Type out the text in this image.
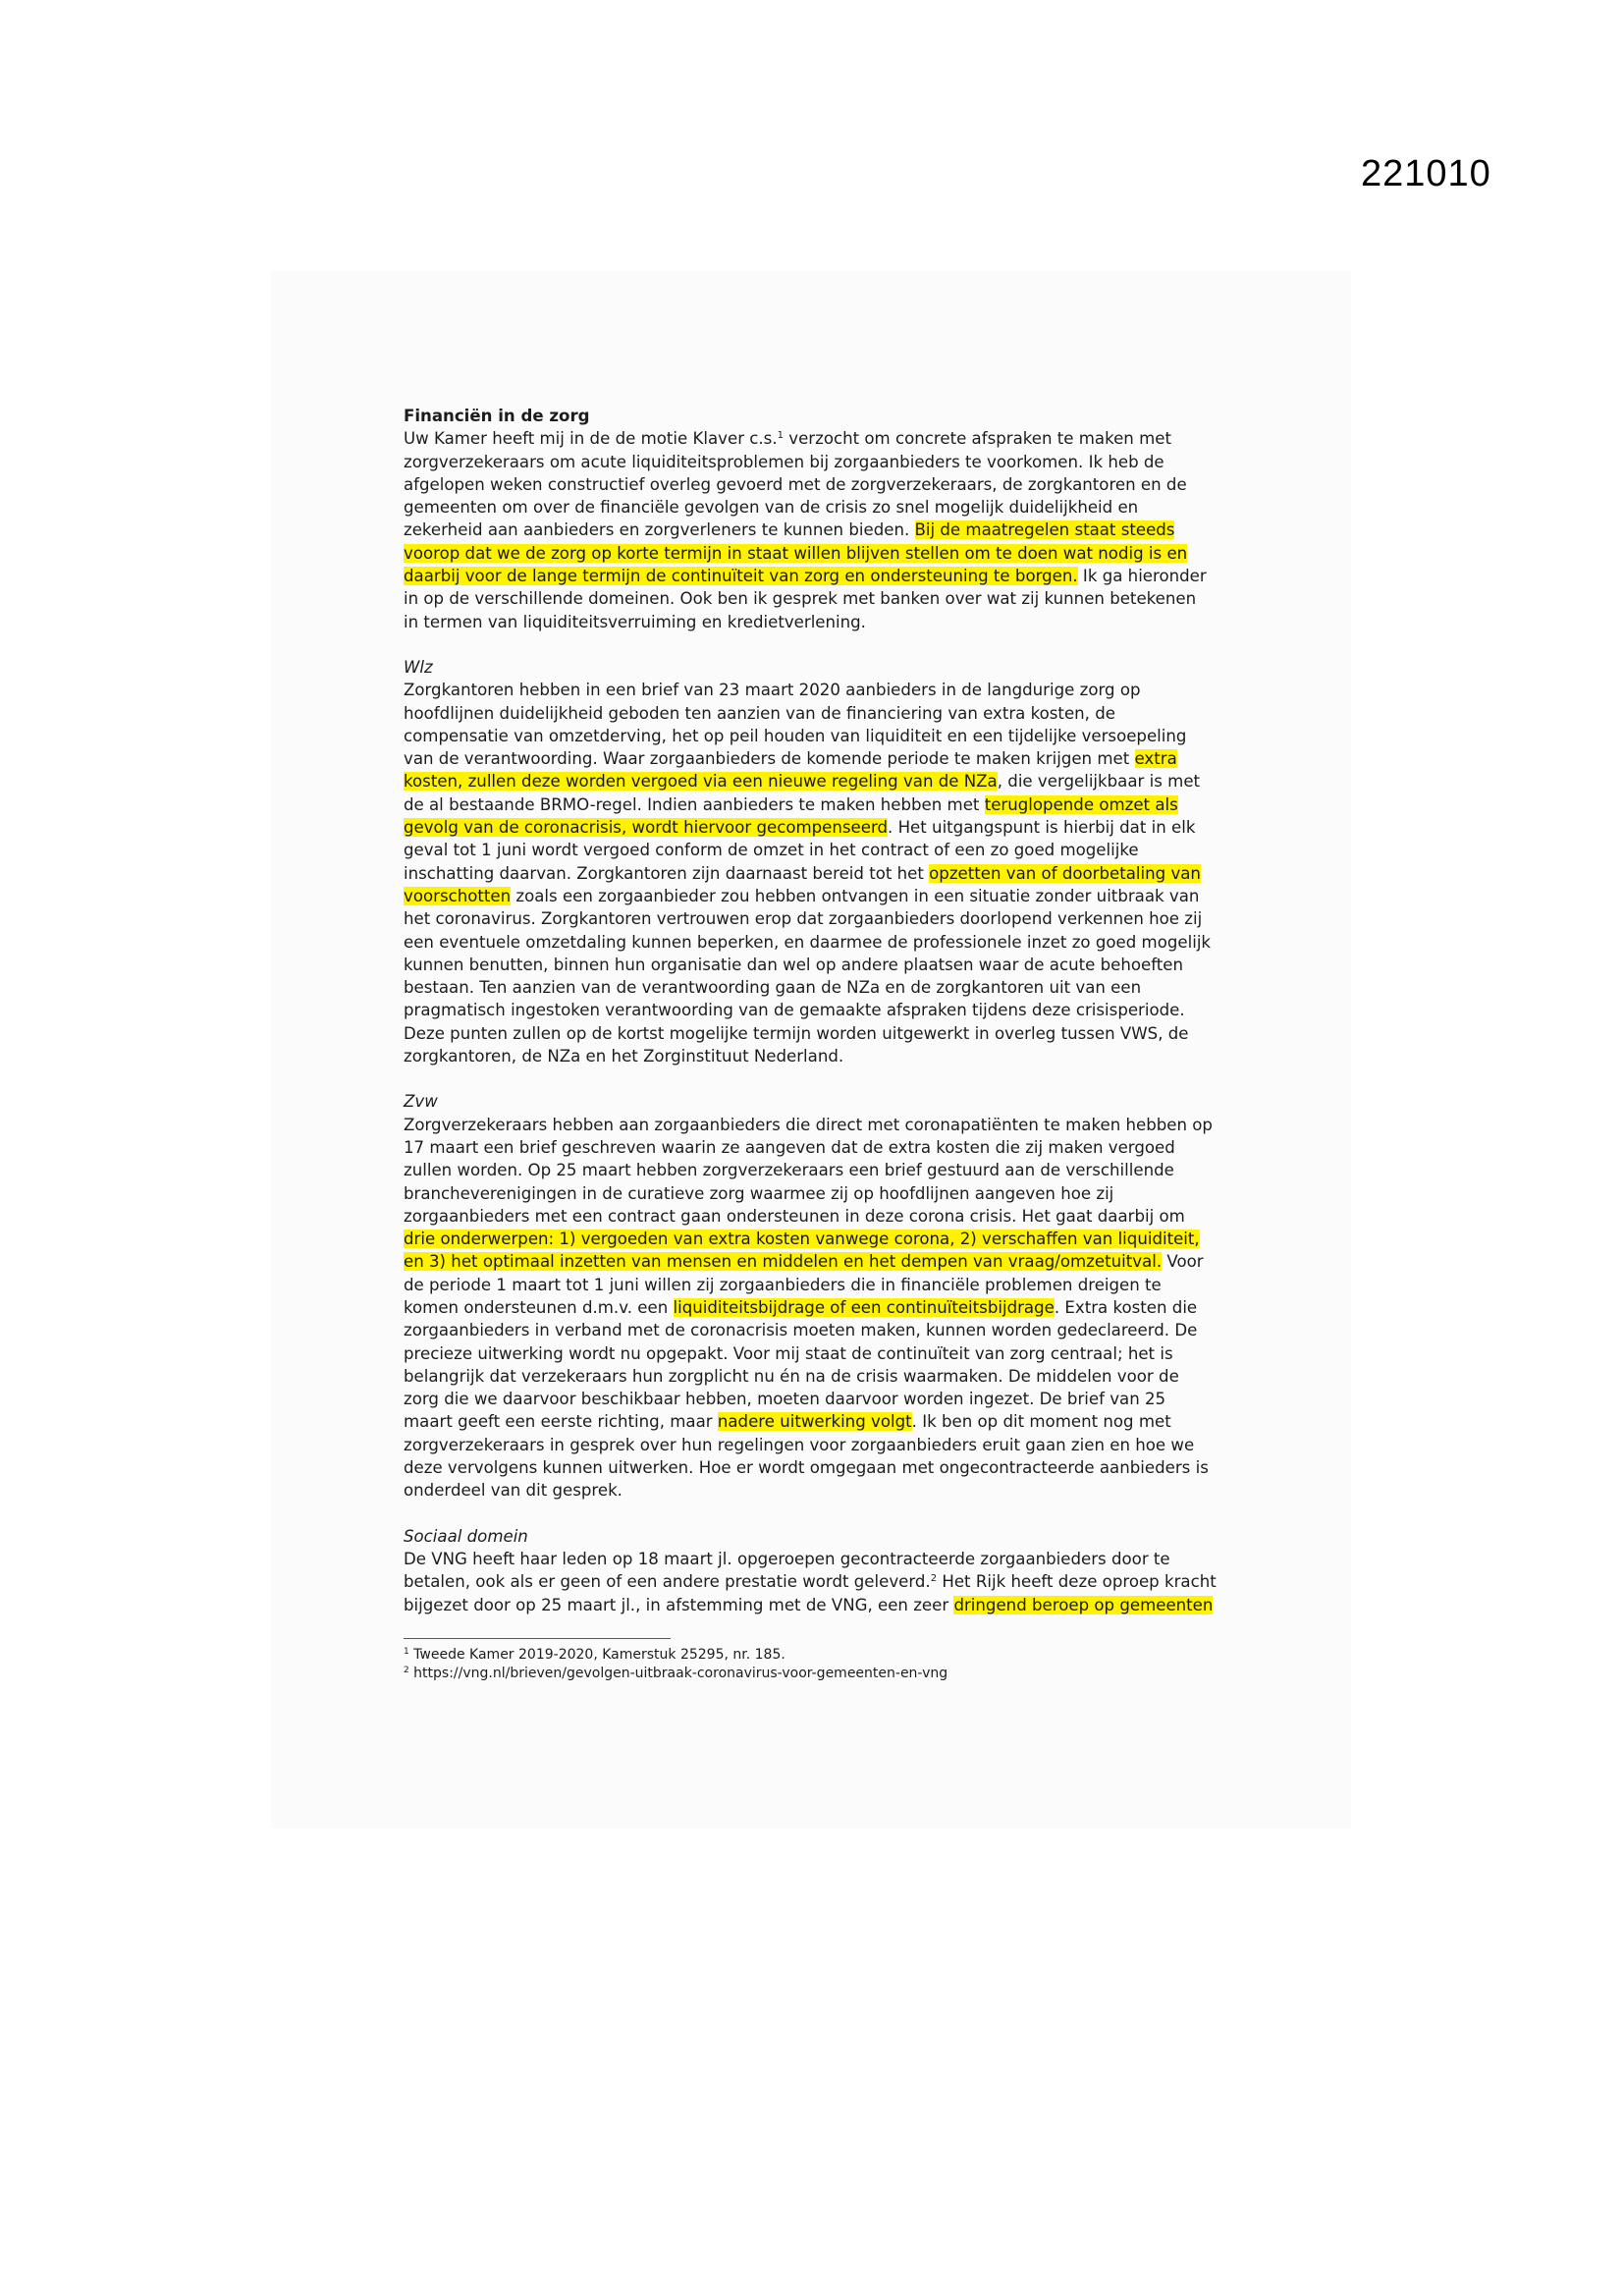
221010

Financiën in de zorg

Uw Kamer heeft mij in de de motie Klaver c.s.$^1$ verzocht om concrete afspraken te maken met
zorgverzekeraars om acute liquiditeitsproblemen bij zorgaanbieders te voorkomen. Ik heb de
afgelopen weken constructief overleg gevoerd met de zorgverzekeraars, de zorgkantoren en de
gemeenten om over de financiële gevolgen van de crisis zo snel mogelijk duidelijkheid en
zekerheid aan aanbieders en zorgverleners te kunnen bieden. Bij de maatregelen staat steeds
voorop dat we de zorg op korte termijn in staat willen blijven stellen om te doen wat nodig is en
daarbij voor de lange termijn de continuïteit van zorg en ondersteuning te borgen. Ik ga hieronder
in op de verschillende domeinen. Ook ben ik gesprek met banken over wat zij kunnen betekenen
in termen van liquiditeitsverruiming en kredietverlening.

Wlz

Zorgkantoren hebben in een brief van 23 maart 2020 aanbieders in de langdurige zorg op
hoofdlijnen duidelijkheid geboden ten aanzien van de financiering van extra kosten, de
compensatie van omzetderving, het op peil houden van liquiditeit en een tijdelijke versoepeling
van de verantwoording. Waar zorgaanbieders de komende periode te maken krijgen met extra
kosten, zullen deze worden vergoed via een nieuwe regeling van de NZa, die vergelijkbaar is met
de al bestaande BRMO-regel. Indien aanbieders te maken hebben met teruglopende omzet als
gevolg van de coronacrisis, wordt hiervoor gecompenseerd. Het uitgangspunt is hierbij dat in elk
geval tot 1 juni wordt vergoed conform de omzet in het contract of een zo goed mogelijke
inschatting daarvan. Zorgkantoren zijn daarnaast bereid tot het opzetten van of doorbetaling van
voorschotten zoals een zorgaanbieder zou hebben ontvangen in een situatie zonder uitbraak van
het coronavirus. Zorgkantoren vertrouwen erop dat zorgaanbieders doorlopend verkennen hoe zij
een eventuele omzetdaling kunnen beperken, en daarmee de professionele inzet zo goed mogelijk
kunnen benutten, binnen hun organisatie dan wel op andere plaatsen waar de acute behoeften
bestaan. Ten aanzien van de verantwoording gaan de NZa en de zorgkantoren uit van een
pragmatisch ingestoken verantwoording van de gemaakte afspraken tijdens deze crisisperiode.
Deze punten zullen op de kortst mogelijke termijn worden uitgewerkt in overleg tussen VWS, de
zorgkantoren, de NZa en het Zorginstituut Nederland.

Zvw

Zorgverzekeraars hebben aan zorgaanbieders die direct met coronapatiënten te maken hebben op
17 maart een brief geschreven waarin ze aangeven dat de extra kosten die zij maken vergoed
zullen worden. Op 25 maart hebben zorgverzekeraars een brief gestuurd aan de verschillende
brancheverenigingen in de curatieve zorg waarmee zij op hoofdlijnen aangeven hoe zij
zorgaanbieders met een contract gaan ondersteunen in deze corona crisis. Het gaat daarbij om
drie onderwerpen: 1) vergoeden van extra kosten vanwege corona, 2) verschaffen van liquiditeit,
en 3) het optimaal inzetten van mensen en middelen en het dempen van vraag/omzetuitval. Voor
de periode 1 maart tot 1 juni willen zij zorgaanbieders die in financiële problemen dreigen te
komen ondersteunen d.m.v. een liquiditeitsbijdrage of een continuïteitsbijdrage. Extra kosten die
zorgaanbieders in verband met de coronacrisis moeten maken, kunnen worden gedeclareerd. De
precieze uitwerking wordt nu opgepakt. Voor mij staat de continuïteit van zorg centraal; het is
belangrijk dat verzekeraars hun zorgplicht nu én na de crisis waarmaken. De middelen voor de
zorg die we daarvoor beschikbaar hebben, moeten daarvoor worden ingezet. De brief van 25
maart geeft een eerste richting, maar nadere uitwerking volgt. Ik ben op dit moment nog met
zorgverzekeraars in gesprek over hun regelingen voor zorgaanbieders eruit gaan zien en hoe we
deze vervolgens kunnen uitwerken. Hoe er wordt omgegaan met ongecontracteerde aanbieders is
onderdeel van dit gesprek.

Sociaal domein

De VNG heeft haar leden op 18 maart jl. opgeroepen gecontracteerde zorgaanbieders door te
betalen, ook als er geen of een andere prestatie wordt geleverd.$^2$ Het Rijk heeft deze oproep kracht
bijgezet door op 25 maart jl., in afstemming met de VNG, een zeer dringend beroep op gemeenten

$^1$ Tweede Kamer 2019-2020, Kamerstuk 25295, nr. 185.

$^2$ https://vng.nl/brieven/gevolgen-uitbraak-coronavirus-voor-gemeenten-en-vng
